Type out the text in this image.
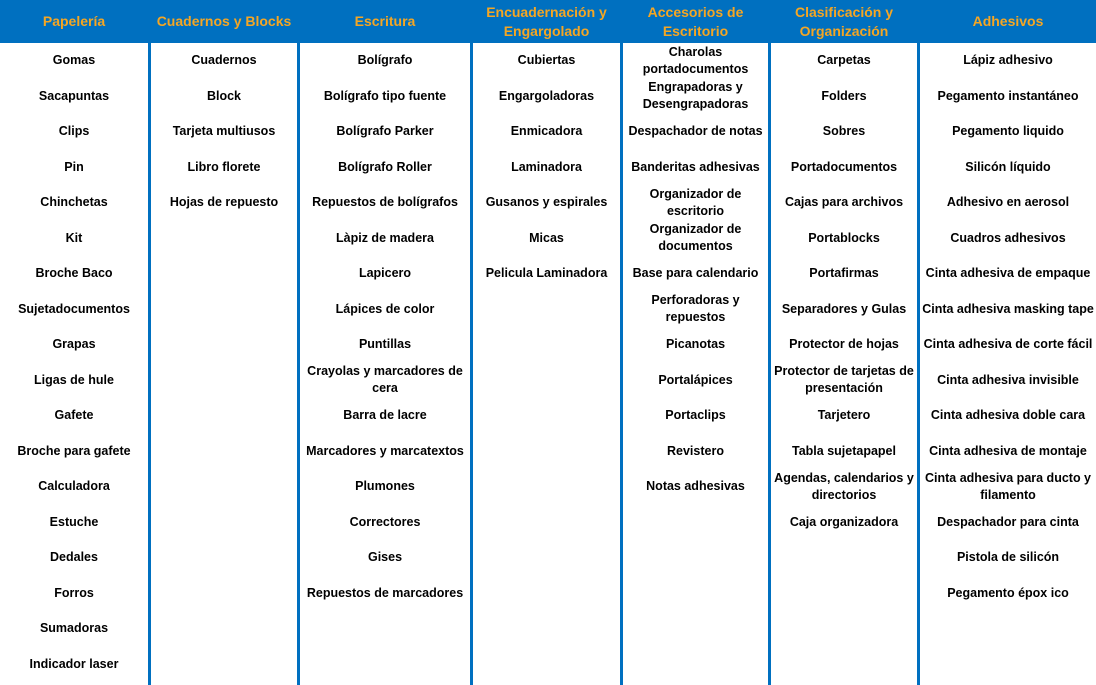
Papelería
Gomas
Sacapuntas
Clips
Pin
Chinchetas
Kit
Broche Baco
Sujetadocumentos
Grapas
Ligas de hule
Gafete
Broche para gafete
Calculadora
Estuche
Dedales
Forros
Sumadoras
Indicador laser
Cuadernos y Blocks
Cuadernos
Block
Tarjeta multiusos
Libro florete
Hojas de repuesto
Escritura
Bolígrafo
Bolígrafo tipo fuente
Bolígrafo Parker
Bolígrafo Roller
Repuestos de bolígrafos
Làpiz de madera
Lapicero
Lápices de color
Puntillas
Crayolas y marcadores de cera
Barra de lacre
Marcadores y marcatextos
Plumones
Correctores
Gises
Repuestos de marcadores
Encuadernación y Engargolado
Cubiertas
Engargoladoras
Enmicadora
Laminadora
Gusanos y espirales
Micas
Pelicula Laminadora
Accesorios de Escritorio
Charolas portadocumentos
Engrapadoras y Desengrapadoras
Despachador de notas
Banderitas adhesivas
Organizador de escritorio
Organizador de documentos
Base para calendario
Perforadoras y repuestos
Picanotas
Portalápices
Portaclips
Revistero
Notas adhesivas
Clasificación y Organización
Carpetas
Folders
Sobres
Portadocumentos
Cajas para archivos
Portablocks
Portafirmas
Separadores y Gulas
Protector de hojas
Protector de tarjetas de presentación
Tarjetero
Tabla sujetapapel
Agendas, calendarios y directorios
Caja organizadora
Adhesivos
Lápiz adhesivo
Pegamento instantáneo
Pegamento liquido
Silicón líquido
Adhesivo en aerosol
Cuadros adhesivos
Cinta adhesiva de empaque
Cinta adhesiva masking tape
Cinta adhesiva de corte fácil
Cinta adhesiva invisible
Cinta adhesiva doble cara
Cinta adhesiva de montaje
Cinta adhesiva para ducto y filamento
Despachador para cinta
Pistola de silicón
Pegamento épox ico
